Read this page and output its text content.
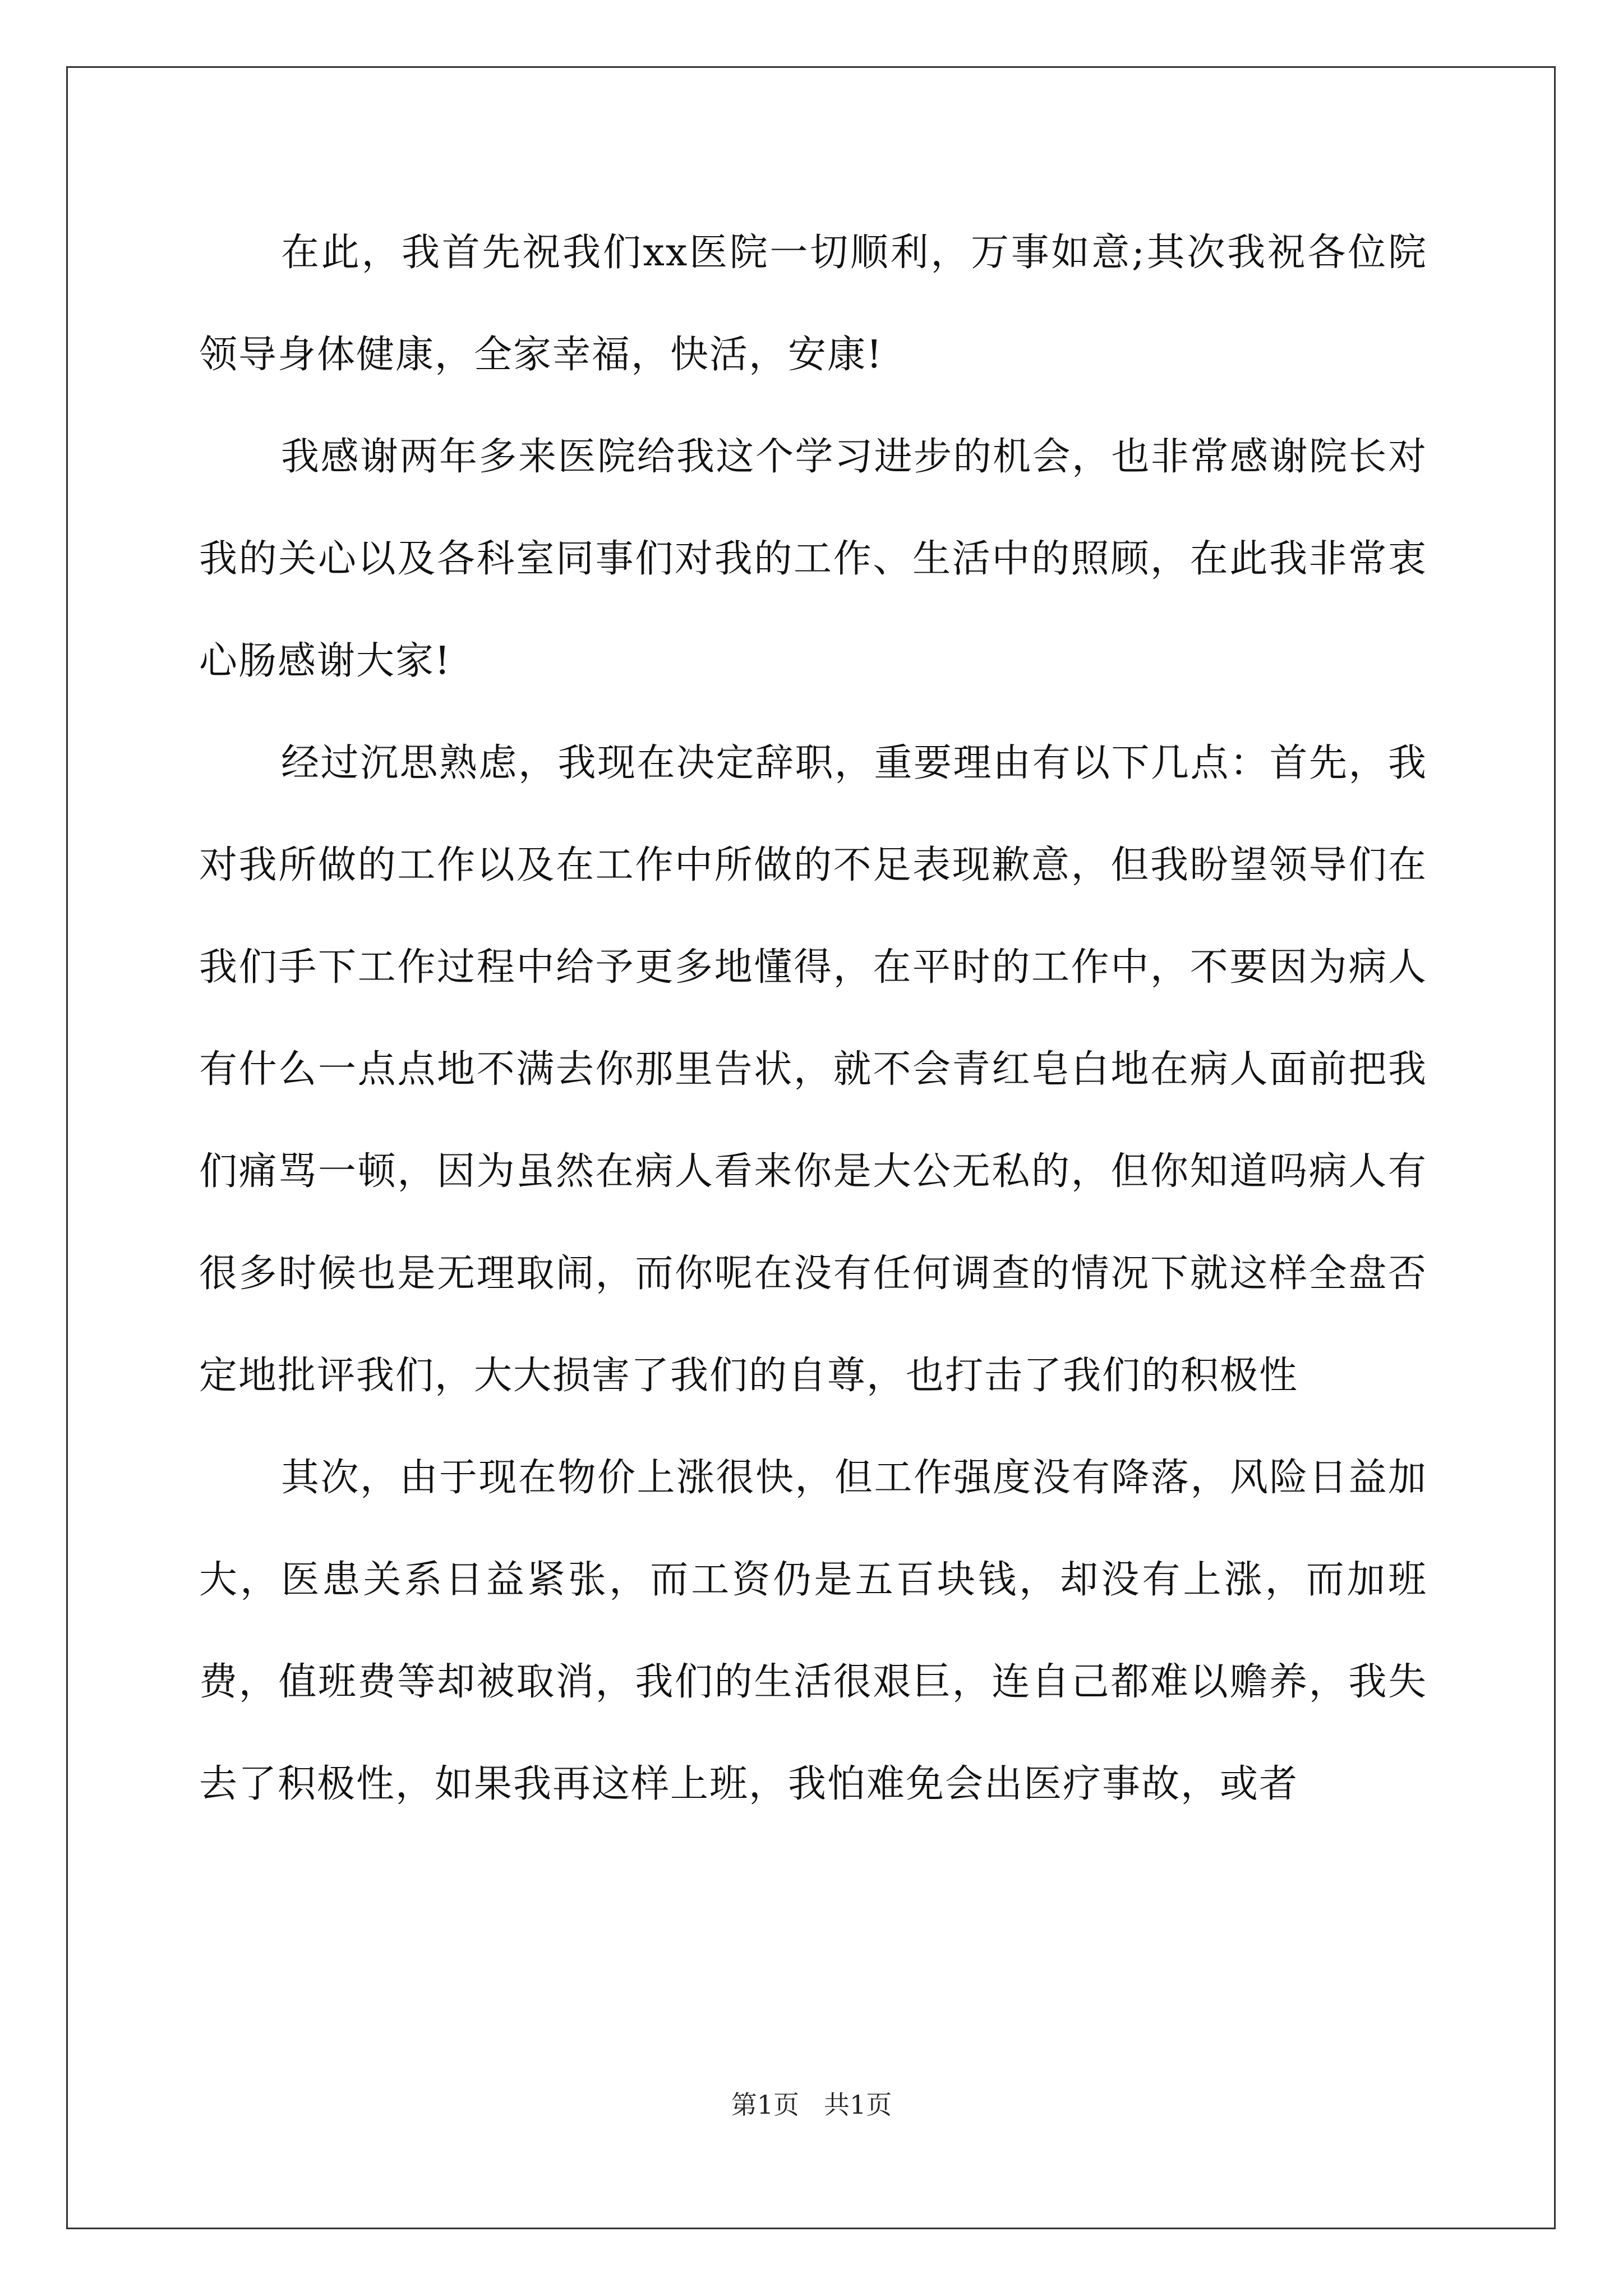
在此，我首先祝我们xx医院一切顺利，万事如意;其次我祝各位院领导身体健康，全家幸福，快活，安康!

我感谢两年多来医院给我这个学习进步的机会，也非常感谢院长对我的关心以及各科室同事们对我的工作、生活中的照顾，在此我非常衷心肠感谢大家!

经过沉思熟虑，我现在决定辞职，重要理由有以下几点：首先，我对我所做的工作以及在工作中所做的不足表现歉意，但我盼望领导们在我们手下工作过程中给予更多地懂得，在平时的工作中，不要因为病人有什么一点点地不满去你那里告状，就不会青红皂白地在病人面前把我们痛骂一顿，因为虽然在病人看来你是大公无私的，但你知道吗病人有很多时候也是无理取闹，而你呢在没有任何调查的情况下就这样全盘否定地批评我们，大大损害了我们的自尊，也打击了我们的积极性

其次，由于现在物价上涨很快，但工作强度没有降落，风险日益加大，医患关系日益紧张，而工资仍是五百块钱，却没有上涨，而加班费，值班费等却被取消，我们的生活很艰巨，连自己都难以赡养，我失去了积极性，如果我再这样上班，我怕难免会出医疗事故，或者

第1页 共1页
